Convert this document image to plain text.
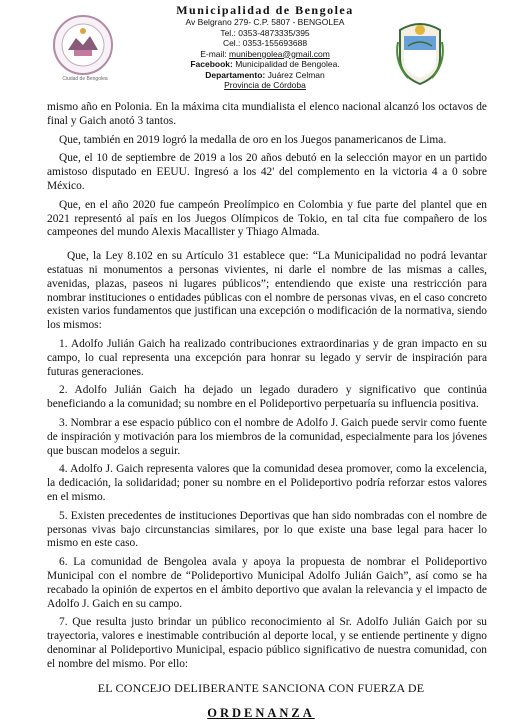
Ciudad de Bengolea
Municipalidad de Bengolea
Av Belgrano 279- C.P. 5807 - BENGOLEA
Tel.: 0353-4873335/395
Cel.: 0353-155693688
E-mail: munibengolea@gmail.com
Facebook: Municipalidad de Bengolea.
Departamento: Juárez Celman
Provincia de Córdoba

mismo año en Polonia. En la máxima cita mundialista el elenco nacional alcanzó los octavos de final y Gaich anotó 3 tantos.

Que, también en 2019 logró la medalla de oro en los Juegos panamericanos de Lima.

Que, el 10 de septiembre de 2019 a los 20 años debutó en la selección mayor en un partido amistoso disputado en EEUU. Ingresó a los 42' del complemento en la victoria 4 a 0 sobre México.

Que, en el año 2020 fue campeón Preolímpico en Colombia y fue parte del plantel que en 2021 representó al país en los Juegos Olímpicos de Tokio, en tal cita fue compañero de los campeones del mundo Alexis Macallister y Thiago Almada.

Que, la Ley 8.102 en su Artículo 31 establece que: “La Municipalidad no podrá levantar estatuas ni monumentos a personas vivientes, ni darle el nombre de las mismas a calles, avenidas, plazas, paseos ni lugares públicos”; entendiendo que existe una restricción para nombrar instituciones o entidades públicas con el nombre de personas vivas, en el caso concreto existen varios fundamentos que justifican una excepción o modificación de la normativa, siendo los mismos:

1. Adolfo Julián Gaich ha realizado contribuciones extraordinarias y de gran impacto en su campo, lo cual representa una excepción para honrar su legado y servir de inspiración para futuras generaciones.

2. Adolfo Julián Gaich ha dejado un legado duradero y significativo que continúa beneficiando a la comunidad; su nombre en el Polideportivo perpetuaría su influencia positiva.

3. Nombrar a ese espacio público con el nombre de Adolfo J. Gaich puede servir como fuente de inspiración y motivación para los miembros de la comunidad, especialmente para los jóvenes que buscan modelos a seguir.

4. Adolfo J. Gaich representa valores que la comunidad desea promover, como la excelencia, la dedicación, la solidaridad; poner su nombre en el Polideportivo podría reforzar estos valores en el mismo.

5. Existen precedentes de instituciones Deportivas que han sido nombradas con el nombre de personas vivas bajo circunstancias similares, por lo que existe una base legal para hacer lo mismo en este caso.

6. La comunidad de Bengolea avala y apoya la propuesta de nombrar el Polideportivo Municipal con el nombre de “Polideportivo Municipal Adolfo Julián Gaich”, así como se ha recabado la opinión de expertos en el ámbito deportivo que avalan la relevancia y el impacto de Adolfo J. Gaich en su campo.

7. Que resulta justo brindar un público reconocimiento al Sr. Adolfo Julián Gaich por su trayectoria, valores e inestimable contribución al deporte local, y se entiende pertinente y digno denominar al Polideportivo Municipal, espacio público significativo de nuestra comunidad, con el nombre del mismo. Por ello:

EL CONCEJO DELIBERANTE SANCIONA CON FUERZA DE
ORDENANZA
